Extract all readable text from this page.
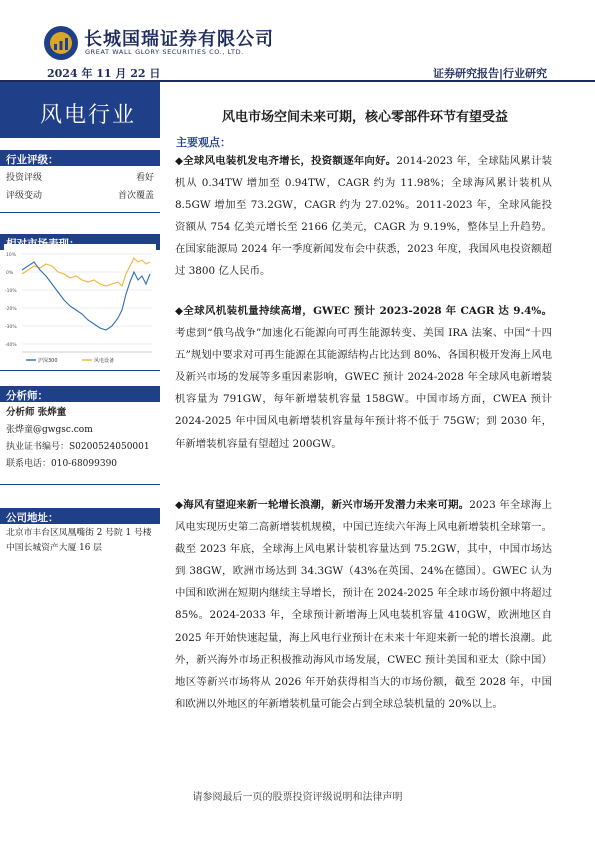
长城国瑞证券有限公司
GREAT WALL GLORY SECURITIES CO., LTD.
2024 年 11 月 22 日	证券研究报告|行业研究
风电行业
行业评级：
投资评级	看好
评级变动	首次覆盖
10%
0%
-10%
-20%
-30%
-40%
沪深300	风电设备
分析师：
分析师 张烨童
张烨童@gwgsc.com
执业证书编号：S0200524050001
联系电话：010-68099390
公司地址：
北京市丰台区凤凰嘴街 2 号院 1 号楼中国长城资产大厦 16 层
风电市场空间未来可期，核心零部件环节有望受益
主要观点：
◆全球风电装机发电齐增长，投资额逐年向好。2014-2023 年，全球陆风累计装机从 0.34TW 增加至 0.94TW，CAGR 约为 11.98%；全球海风累计装机从 8.5GW 增加至 73.2GW，CAGR 约为 27.02%。2011-2023 年，全球风能投资额从 754 亿美元增长至 2166 亿美元，CAGR 为 9.19%，整体呈上升趋势。在国家能源局 2024 年一季度新闻发布会中获悉，2023 年度，我国风电投资额超过 3800 亿人民币。
◆全球风机装机量持续高增，GWEC 预计 2023-2028 年 CAGR 达 9.4%。考虑到“俄乌战争”加速化石能源向可再生能源转变、美国 IRA 法案、中国“十四五”规划中要求对可再生能源在其能源结构占比达到 80%、各国积极开发海上风电及新兴市场的发展等多重因素影响，GWEC 预计 2024-2028 年全球风电新增装机容量为 791GW，每年新增装机容量 158GW。中国市场方面，CWEA 预计 2024-2025 年中国风电新增装机容量每年预计将不低于 75GW；到 2030 年，年新增装机容量有望超过 200GW。
◆海风有望迎来新一轮增长浪潮，新兴市场开发潜力未来可期。2023 年全球海上风电实现历史第二高新增装机规模，中国已连续六年海上风电新增装机全球第一。截至 2023 年底，全球海上风电累计装机容量达到 75.2GW，其中，中国市场达到 38GW，欧洲市场达到 34.3GW（43%在英国、24%在德国）。GWEC 认为中国和欧洲在短期内继续主导增长，预计在 2024-2025 年全球市场份额中将超过 85%。2024-2033 年，全球预计新增海上风电装机容量 410GW，欧洲地区自 2025 年开始快速起量，海上风电行业预计在未来十年迎来新一轮的增长浪潮。此外，新兴海外市场正积极推动海风市场发展，CWEC 预计美国和亚太（除中国）地区等新兴市场将从 2026 年开始获得相当大的市场份额，截至 2028 年，中国和欧洲以外地区的年新增装机量可能会占到全球总装机量的 20%以上。
请参阅最后一页的股票投资评级说明和法律声明
